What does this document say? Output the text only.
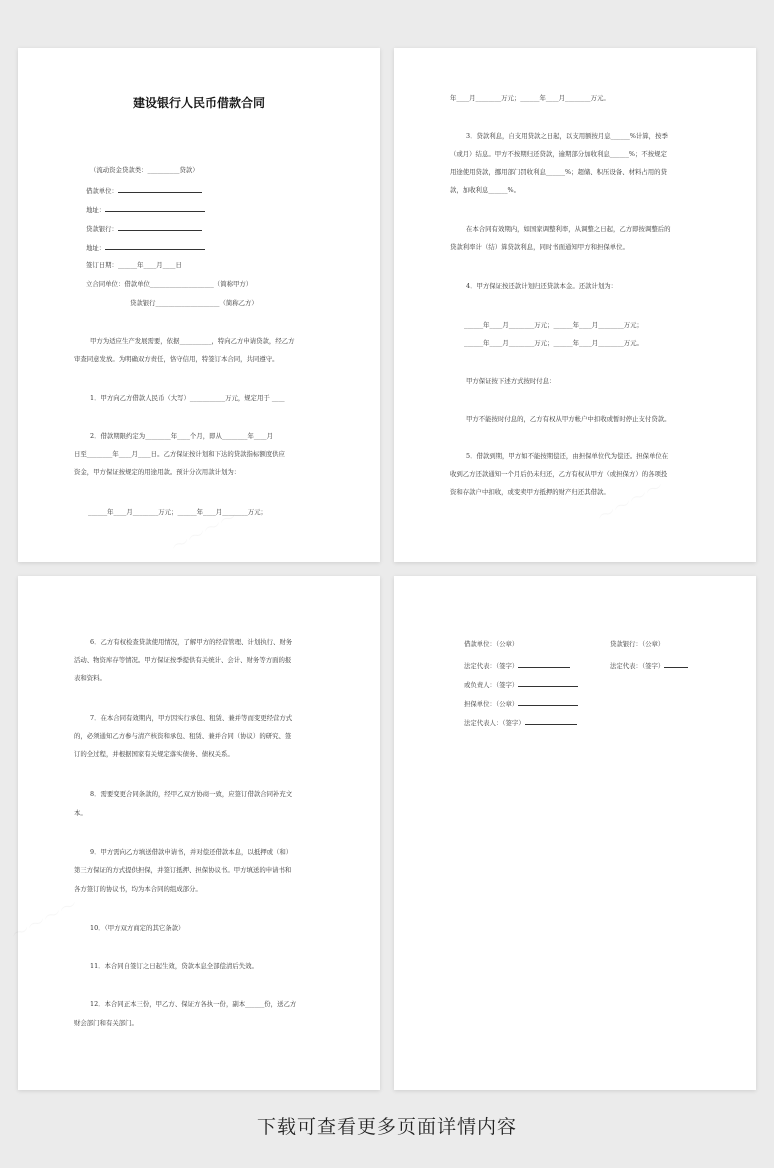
建设银行人民币借款合同
（流动资金贷款类：__________贷款）
借款单位：
地址：
贷款银行：
地址：
签订日期：______年____月____日
立合同单位：借款单位____________________（简称甲方）
贷款银行____________________（简称乙方）
甲方为适应生产发展需要，依据__________，特向乙方申请贷款，经乙方
审查同意发放。为明确双方责任，恪守信用，特签订本合同，共同遵守。
1．甲方向乙方借款人民币（大写）___________万元，规定用于 ____
2．借款期限约定为________年____个月，即从________年____月
日至________年____月____日。乙方保证按计划和下达的贷款指标额度供应
资金，甲方保证按规定的用途用款。预计分次用款计划为：
______年____月________万元；______年____月________万元；
年____月________万元；______年____月________万元。
3．贷款利息，自支用贷款之日起，以支用额按月息______%计算，按季
（或月）结息。甲方不按期归还贷款，逾期部分加收利息______%；不按规定
用途使用贷款，挪用部门罚收利息______%；超储、积压设备、材料占用的贷
款，加收利息______%。
在本合同有效期内，如国家调整利率，从调整之日起，乙方即按调整后的
贷款利率计（结）算贷款利息，同时书面通知甲方和担保单位。
4．甲方保证按还款计划归还贷款本金。还款计划为：
______年____月________万元；______年____月________万元；
______年____月________万元；______年____月________万元。
甲方保证按下述方式按时付息：
甲方不能按时付息的，乙方有权从甲方帐户中扣收或暂时停止支付贷款。
5．借款到期，甲方如不能按期偿还，由担保单位代为偿还。担保单位在
收到乙方还款通知一个月后仍未归还，乙方有权从甲方（或担保方）的各项投
资和存款户中扣收，或变卖甲方抵押的财产归还其借款。
6．乙方有权检查贷款使用情况，了解甲方的经营管理、计划执行、财务
活动、物资库存等情况。甲方保证按季提供有关统计、会计、财务等方面的报
表和资料。
7．在本合同有效期内，甲方因实行承包、租赁、兼并等而变更经营方式
的，必须通知乙方参与清产核资和承包、租赁、兼并合同（协议）的研究、签
订的全过程，并根据国家有关规定落实债务、债权关系。
8．需要变更合同条款的，经甲乙双方协商一致，应签订借款合同补充文
本。
9．甲方需向乙方填送借款申请书，并对偿还借款本息，以抵押或（和）
第三方保证的方式提供担保，并签订抵押、担保协议书。甲方填送的申请书和
各方签订的协议书，均为本合同的组成部分。
10．（甲方双方商定的其它条款）
11．本合同自签订之日起生效，贷款本息全部偿清后失效。
12．本合同正本三份，甲乙方、保证方各执一份，副本______份，送乙方
财会部门和有关部门。
借款单位：（公章）	贷款银行：（公章）
法定代表：（签字）	法定代表：（签字）
或负责人：（签字）
担保单位：（公章）
法定代表人：（签字）
下载可查看更多页面详情内容
